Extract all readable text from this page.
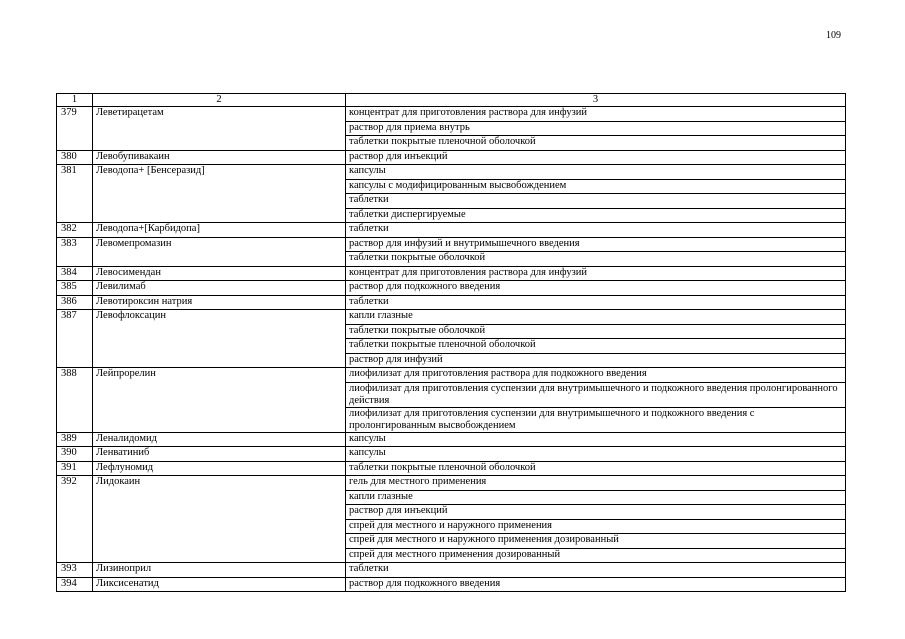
109
1	2	3
379	Леветирацетам	концентрат для приготовления раствора для инфузий
		раствор для приема внутрь
		таблетки покрытые пленочной оболочкой
380	Левобупивакаин	раствор для инъекций
381	Леводопа+ [Бенсеразид]	капсулы
		капсулы с модифицированным высвобождением
		таблетки
		таблетки диспергируемые
382	Леводопа+[Карбидопа]	таблетки
383	Левомепромазин	раствор для инфузий и внутримышечного введения
		таблетки покрытые оболочкой
384	Левосимендан	концентрат для приготовления раствора для инфузий
385	Левилимаб	раствор для подкожного введения
386	Левотироксин натрия	таблетки
387	Левофлоксацин	капли глазные
		таблетки покрытые оболочкой
		таблетки покрытые пленочной оболочкой
		раствор для инфузий
388	Лейпрорелин	лиофилизат для приготовления раствора для подкожного введения
		лиофилизат для приготовления суспензии для внутримышечного и подкожного введения пролонгированного действия
		лиофилизат для приготовления суспензии для внутримышечного и подкожного введения с пролонгированным высвобождением
389	Леналидомид	капсулы
390	Ленватиниб	капсулы
391	Лефлуномид	таблетки покрытые пленочной оболочкой
392	Лидокаин	гель для местного применения
		капли глазные
		раствор для инъекций
		спрей для местного и наружного применения
		спрей для местного и наружного применения дозированный
		спрей для местного применения дозированный
393	Лизиноприл	таблетки
394	Ликсисенатид	раствор для подкожного введения
